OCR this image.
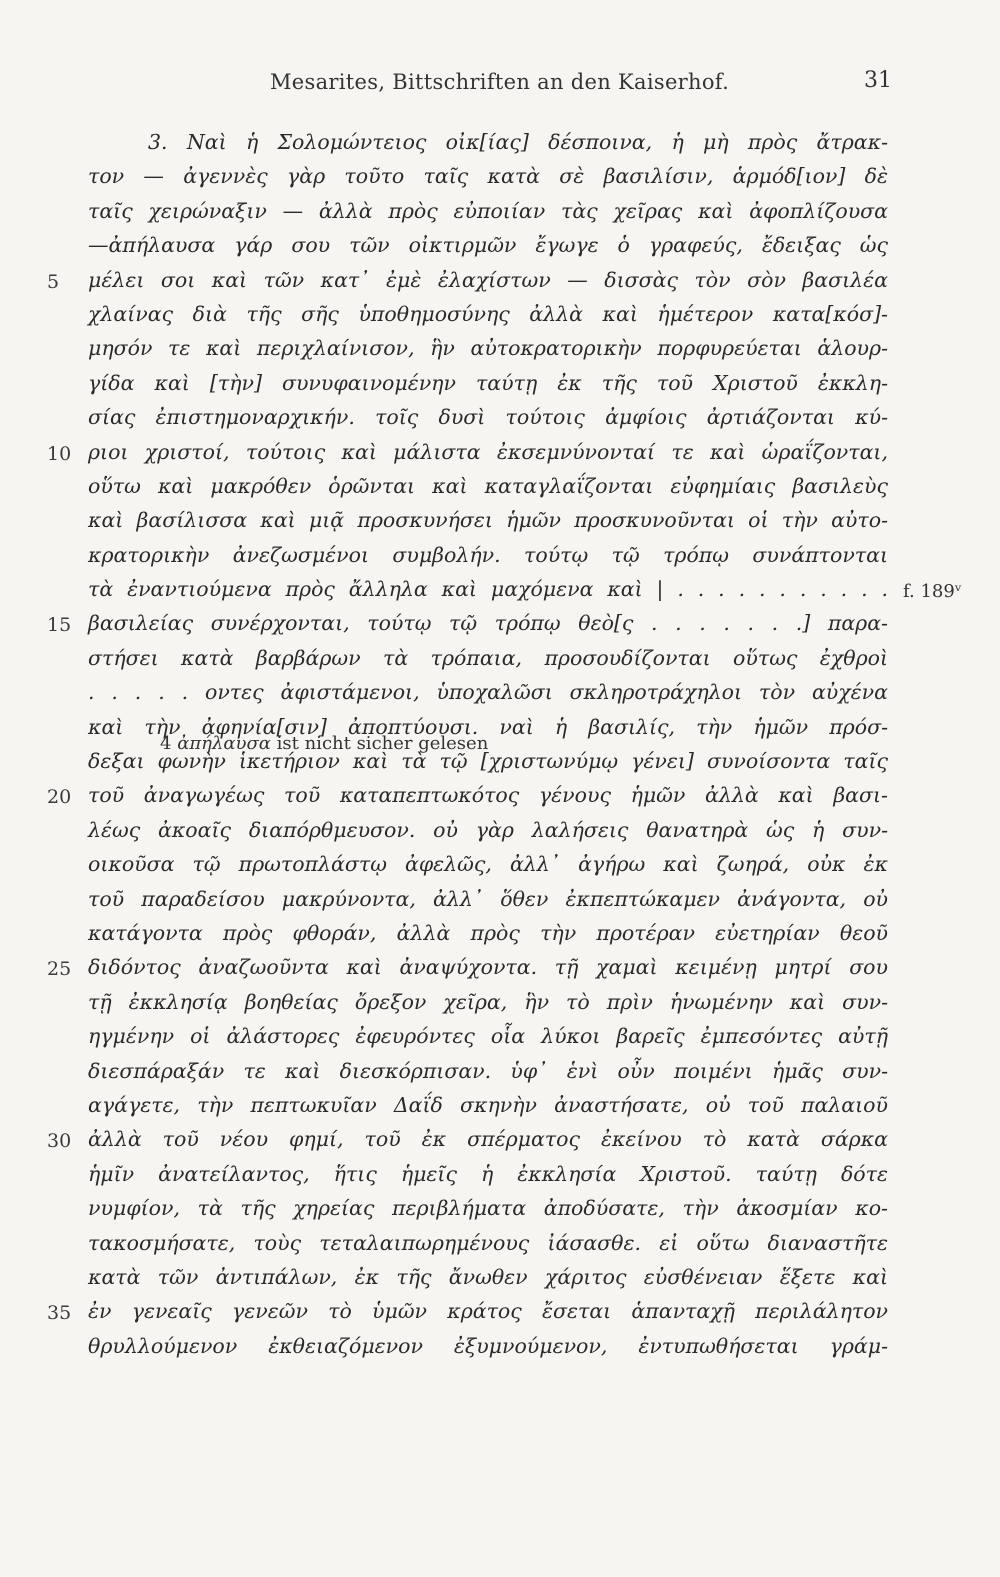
Mesarites, Bittschriften an den Kaiserhof.	31
3. Ναὶ ἡ Σολομώντειος οἰκ[ίας] δέσποινα, ἡ μὴ πρὸς ἄτρακ-
τον — ἀγεννὲς γὰρ τοῦτο ταῖς κατὰ σὲ βασιλίσιν, ἁρμόδ[ιον] δὲ
ταῖς χειρώναξιν — ἀλλὰ πρὸς εὐποιίαν τὰς χεῖρας καὶ ἀφοπλίζουσα
—ἀπήλαυσα γάρ σου τῶν οἰκτιρμῶν ἔγωγε ὁ γραφεύς, ἔδειξας ὡς
5	μέλει σοι καὶ τῶν κατ᾽ ἐμὲ ἐλαχίστων — δισσὰς τὸν σὸν βασιλέα
χλαίνας διὰ τῆς σῆς ὑποθημοσύνης ἀλλὰ καὶ ἡμέτερον κατα[κόσ]-
μησόν τε καὶ περιχλαίνισον, ἣν αὐτοκρατορικὴν πορφυρεύεται ἁλουρ-
γίδα καὶ [τὴν] συνυφαινομένην ταύτῃ ἐκ τῆς τοῦ Χριστοῦ ἐκκλη-
σίας ἐπιστημοναρχικήν. τοῖς δυσὶ τούτοις ἀμφίοις ἀρτιάζονται κύ-
10 ριοι χριστοί, τούτοις καὶ μάλιστα ἐκσεμνύνονταί τε καὶ ὡραΐζονται,
οὕτω καὶ μακρόθεν ὁρῶνται καὶ καταγλαΐζονται εὐφημίαις βασιλεὺς
καὶ βασίλισσα καὶ μιᾷ προσκυνήσει ἡμῶν προσκυνοῦνται οἱ τὴν αὐτο-
κρατορικὴν ἀνεζωσμένοι συμβολήν. τούτῳ τῷ τρόπῳ συνάπτονται
τὰ ἐναντιούμενα πρὸς ἄλληλα καὶ μαχόμενα καὶ | . . . . . . . . . . . f. 189ᵛ
15 βασιλείας συνέρχονται, τούτῳ τῷ τρόπῳ θεὸ[ς . . . . . . .] παρα-
στήσει κατὰ βαρβάρων τὰ τρόπαια, προσουδίζονται οὕτως ἐχθροὶ
. . . . . οντες ἀφιστάμενοι, ὑποχαλῶσι σκληροτράχηλοι τὸν αὐχένα
καὶ τὴν ἀφηνία[σιν] ἀποπτύουσι. ναὶ ἡ βασιλίς, τὴν ἡμῶν πρόσ-
δεξαι φωνὴν ἱκετήριον καὶ τὰ τῷ [χριστωνύμῳ γένει] συνοίσοντα ταῖς
20 τοῦ ἀναγωγέως τοῦ καταπεπτωκότος γένους ἡμῶν ἀλλὰ καὶ βασι-
λέως ἀκοαῖς διαπόρθμευσον. οὐ γὰρ λαλήσεις θανατηρὰ ὡς ἡ συν-
οικοῦσα τῷ πρωτοπλάστῳ ἀφελῶς, ἀλλ᾽ ἀγήρω καὶ ζωηρά, οὐκ ἐκ
τοῦ παραδείσου μακρύνοντα, ἀλλ᾽ ὅθεν ἐκπεπτώκαμεν ἀνάγοντα, οὐ
κατάγοντα πρὸς φθοράν, ἀλλὰ πρὸς τὴν προτέραν εὐετηρίαν θεοῦ
25 διδόντος ἀναζωοῦντα καὶ ἀναψύχοντα. τῇ χαμαὶ κειμένῃ μητρί σου
τῇ ἐκκλησίᾳ βοηθείας ὄρεξον χεῖρα, ἣν τὸ πρὶν ἡνωμένην καὶ συν-
ηγμένην οἱ ἀλάστορες ἐφευρόντες οἷα λύκοι βαρεῖς ἐμπεσόντες αὐτῇ
διεσπάραξάν τε καὶ διεσκόρπισαν. ὑφ᾽ ἑνὶ οὖν ποιμένι ἡμᾶς συν-
αγάγετε, τὴν πεπτωκυῖαν Δαΐδ σκηνὴν ἀναστήσατε, οὐ τοῦ παλαιοῦ
30 ἀλλὰ τοῦ νέου φημί, τοῦ ἐκ σπέρματος ἐκείνου τὸ κατὰ σάρκα
ἡμῖν ἀνατείλαντος, ἥτις ἡμεῖς ἡ ἐκκλησία Χριστοῦ. ταύτῃ δότε
νυμφίον, τὰ τῆς χηρείας περιβλήματα ἀποδύσατε, τὴν ἀκοσμίαν κο-
τακοσμήσατε, τοὺς τεταλαιπωρημένους ἰάσασθε. εἰ οὕτω διαναστῆτε
κατὰ τῶν ἀντιπάλων, ἐκ τῆς ἄνωθεν χάριτος εὐσθένειαν ἕξετε καὶ
35 ἐν γενεαῖς γενεῶν τὸ ὑμῶν κράτος ἔσεται ἁπανταχῇ περιλάλητον
θρυλλούμενον ἐκθειαζόμενον ἐξυμνούμενον, ἐντυπωθήσεται γράμ-
4 ἀπήλαυσα ist nicht sicher gelesen
